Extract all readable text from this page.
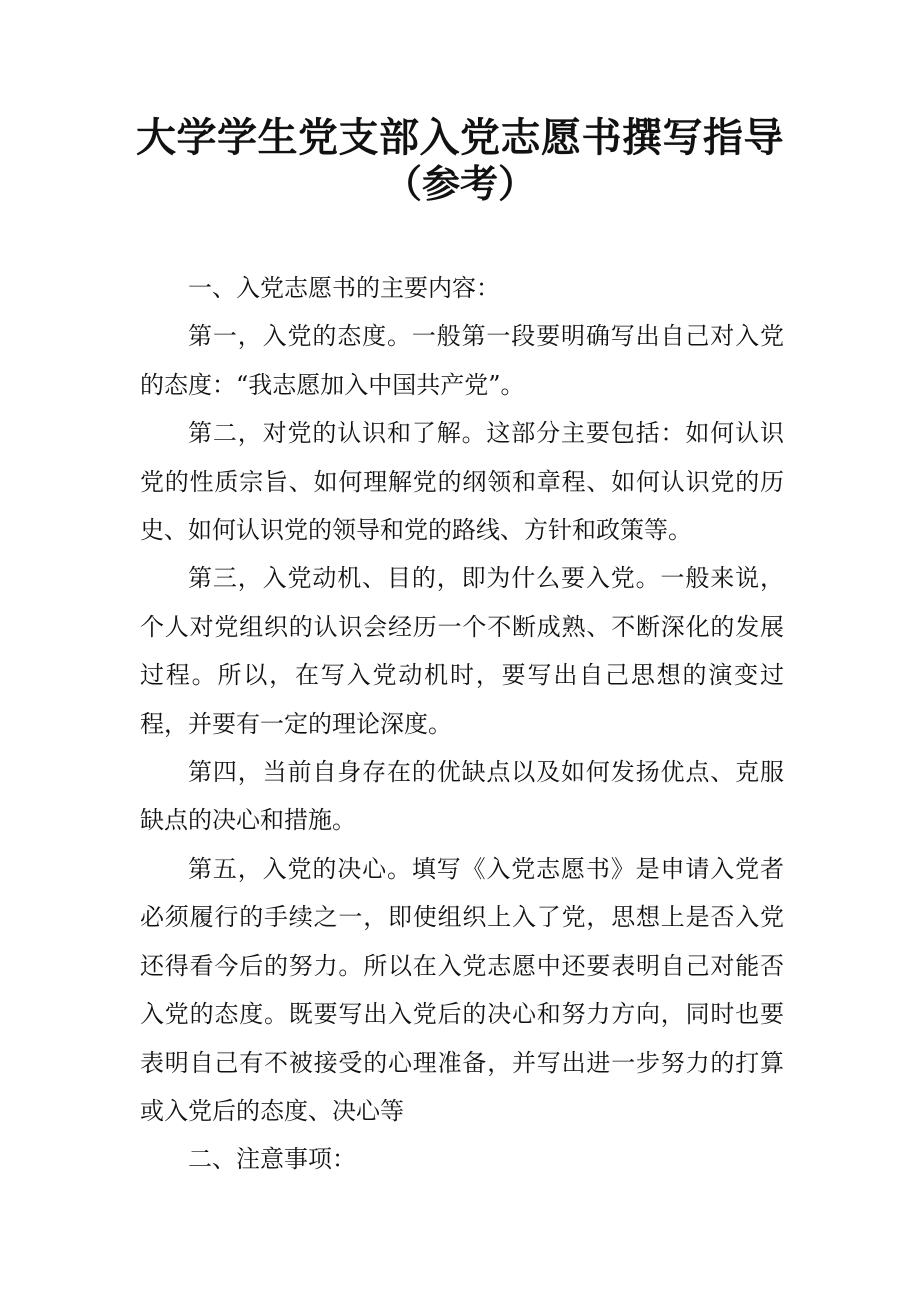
大学学生党支部入党志愿书撰写指导
（参考）

一、入党志愿书的主要内容：

第一，入党的态度。一般第一段要明确写出自己对入党的态度：“我志愿加入中国共产党”。

第二，对党的认识和了解。这部分主要包括：如何认识党的性质宗旨、如何理解党的纲领和章程、如何认识党的历史、如何认识党的领导和党的路线、方针和政策等。

第三，入党动机、目的，即为什么要入党。一般来说，个人对党组织的认识会经历一个不断成熟、不断深化的发展过程。所以，在写入党动机时，要写出自己思想的演变过程，并要有一定的理论深度。

第四，当前自身存在的优缺点以及如何发扬优点、克服缺点的决心和措施。

第五，入党的决心。填写《入党志愿书》是申请入党者必须履行的手续之一，即使组织上入了党，思想上是否入党还得看今后的努力。所以在入党志愿中还要表明自己对能否入党的态度。既要写出入党后的决心和努力方向，同时也要表明自己有不被接受的心理准备，并写出进一步努力的打算或入党后的态度、决心等

二、注意事项：
